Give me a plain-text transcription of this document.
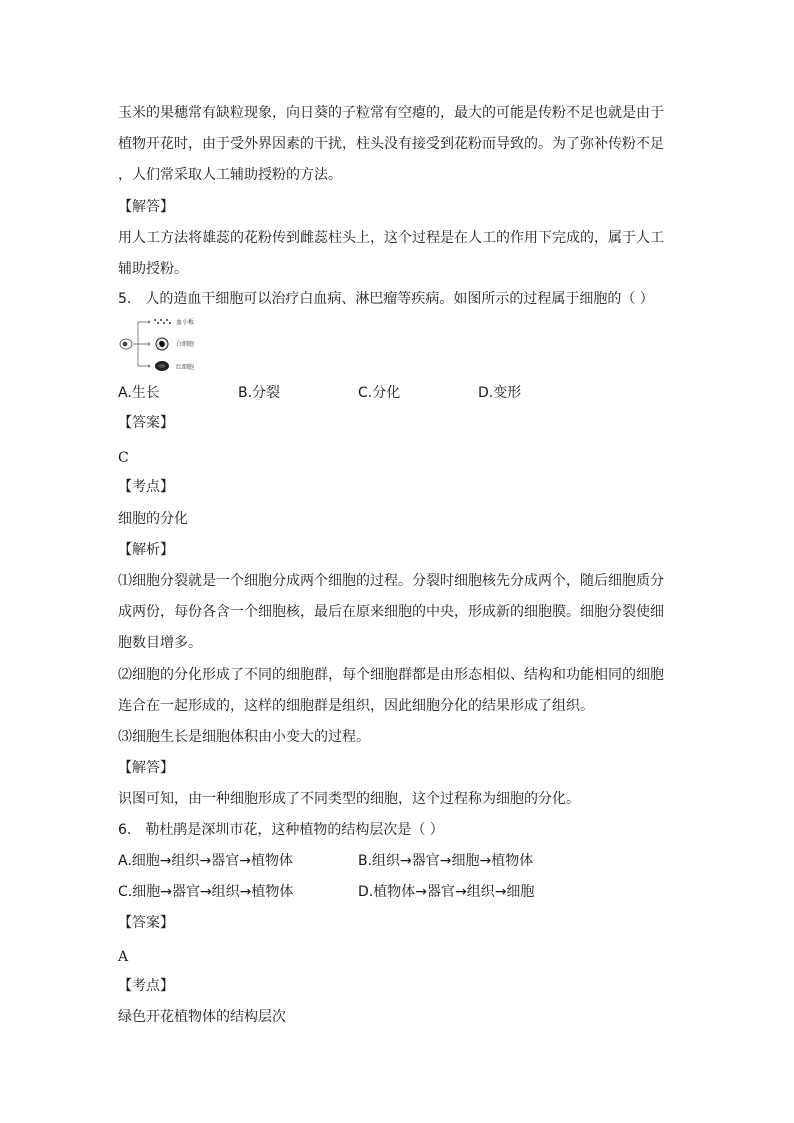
玉米的果穗常有缺粒现象，向日葵的子粒常有空瘪的，最大的可能是传粉不足也就是由于
植物开花时，由于受外界因素的干扰，柱头没有接受到花粉而导致的。为了弥补传粉不足
，人们常采取人工辅助授粉的方法。
【解答】
用人工方法将雄蕊的花粉传到雌蕊柱头上，这个过程是在人工的作用下完成的，属于人工
辅助授粉。
5.　人的造血干细胞可以治疗白血病、淋巴瘤等疾病。如图所示的过程属于细胞的（ ）
血小板
白细胞
红细胞
A.生长	B.分裂	C.分化	D.变形
【答案】
C
【考点】
细胞的分化
【解析】
⑴细胞分裂就是一个细胞分成两个细胞的过程。分裂时细胞核先分成两个，随后细胞质分
成两份，每份各含一个细胞核，最后在原来细胞的中央，形成新的细胞膜。细胞分裂使细
胞数目增多。
⑵细胞的分化形成了不同的细胞群，每个细胞群都是由形态相似、结构和功能相同的细胞
连合在一起形成的，这样的细胞群是组织，因此细胞分化的结果形成了组织。
⑶细胞生长是细胞体积由小变大的过程。
【解答】
识图可知，由一种细胞形成了不同类型的细胞，这个过程称为细胞的分化。
6.　勒杜鹃是深圳市花，这种植物的结构层次是（ ）
A.细胞→组织→器官→植物体	B.组织→器官→细胞→植物体
C.细胞→器官→组织→植物体	D.植物体→器官→组织→细胞
【答案】
A
【考点】
绿色开花植物体的结构层次
